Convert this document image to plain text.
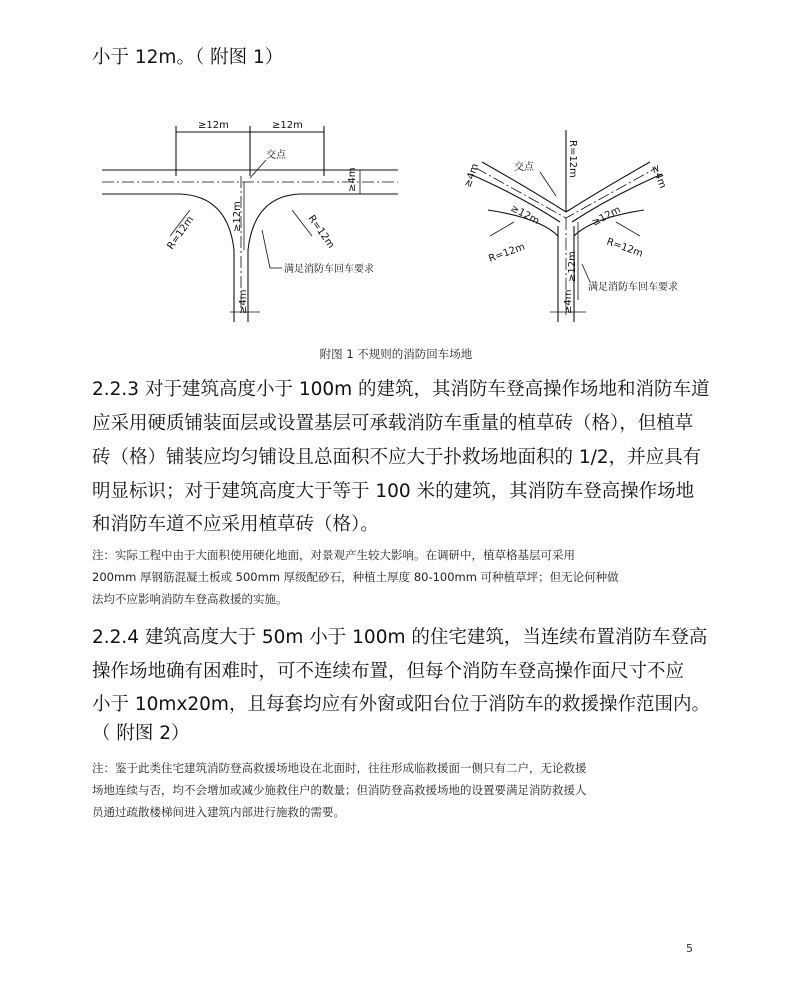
小于 12m。（ 附图 1）
≥12m	≥12m
交点
≥4m
≥12m
R=12m	R=12m
满足消防车回车要求
≥4m
R=12m
交点
≥4m	≥4m
≥12m	≥12m
R=12m	R=12m
≥12m
满足消防车回车要求
≥4m
附图 1 不规则的消防回车场地
2.2.3 对于建筑高度小于 100m 的建筑，其消防车登高操作场地和消防车道
应采用硬质铺装面层或设置基层可承载消防车重量的植草砖（格），但植草
砖（格）铺装应均匀铺设且总面积不应大于扑救场地面积的 1/2，并应具有
明显标识；对于建筑高度大于等于 100 米的建筑，其消防车登高操作场地
和消防车道不应采用植草砖（格）。
注：实际工程中由于大面积使用硬化地面，对景观产生较大影响。在调研中，植草格基层可采用
200mm 厚钢筋混凝土板或 500mm 厚级配砂石，种植土厚度 80-100mm 可种植草坪；但无论何种做
法均不应影响消防车登高救援的实施。
2.2.4 建筑高度大于 50m 小于 100m 的住宅建筑，当连续布置消防车登高
操作场地确有困难时，可不连续布置，但每个消防车登高操作面尺寸不应
小于 10mx20m，且每套均应有外窗或阳台位于消防车的救援操作范围内。
（ 附图 2）
注：鉴于此类住宅建筑消防登高救援场地设在北面时，往往形成临救援面一侧只有二户，无论救援
场地连续与否，均不会增加或减少施救住户的数量；但消防登高救援场地的设置要满足消防救援人
员通过疏散楼梯间进入建筑内部进行施救的需要。
5
